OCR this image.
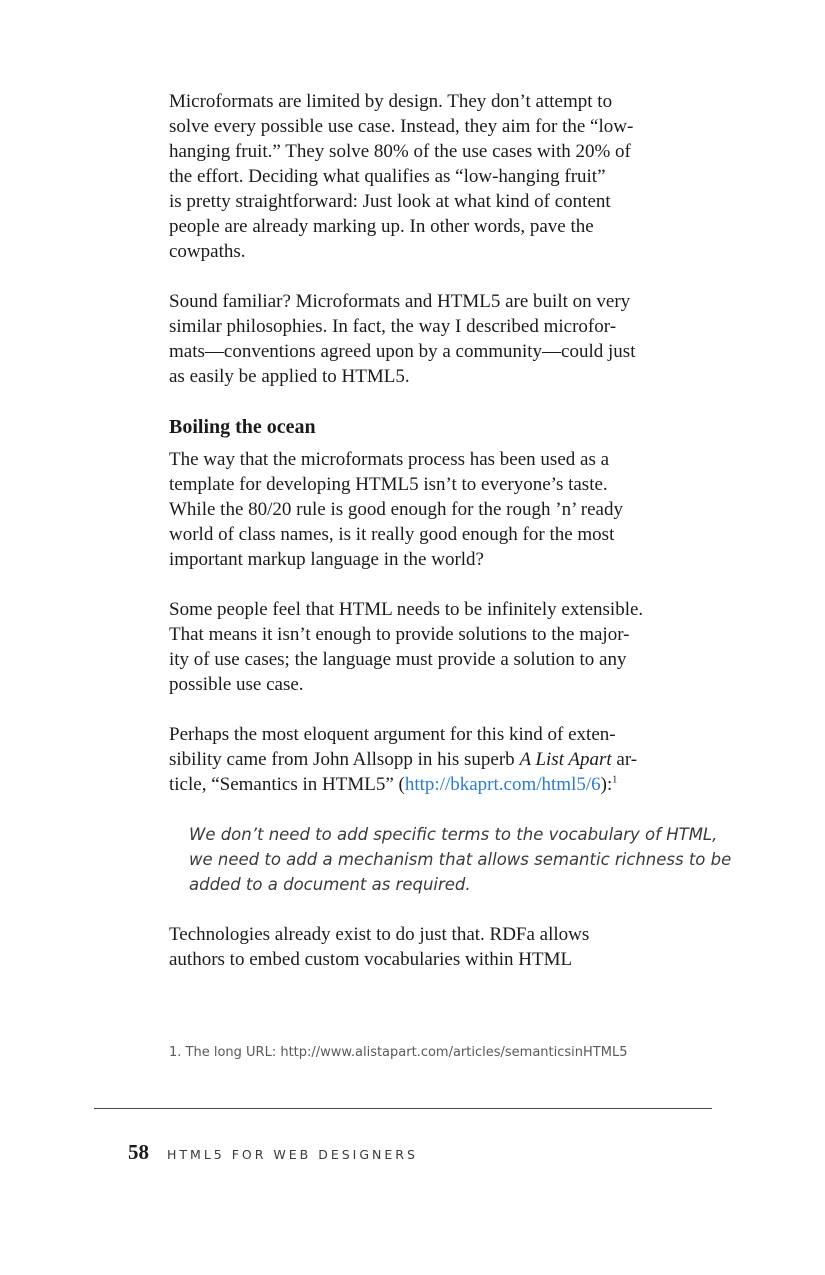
Microformats are limited by design. They don’t attempt to
solve every possible use case. Instead, they aim for the “low-
hanging fruit.” They solve 80% of the use cases with 20% of
the effort. Deciding what qualifies as “low-hanging fruit”
is pretty straightforward: Just look at what kind of content
people are already marking up. In other words, pave the
cowpaths.

Sound familiar? Microformats and HTML5 are built on very
similar philosophies. In fact, the way I described microfor-
mats—conventions agreed upon by a community—could just
as easily be applied to HTML5.

Boiling the ocean

The way that the microformats process has been used as a
template for developing HTML5 isn’t to everyone’s taste.
While the 80/20 rule is good enough for the rough ’n’ ready
world of class names, is it really good enough for the most
important markup language in the world?

Some people feel that HTML needs to be infinitely extensible.
That means it isn’t enough to provide solutions to the major-
ity of use cases; the language must provide a solution to any
possible use case.

Perhaps the most eloquent argument for this kind of exten-
sibility came from John Allsopp in his superb A List Apart ar-
ticle, “Semantics in HTML5” (http://bkaprt.com/html5/6):$^1$

We don’t need to add specific terms to the vocabulary of HTML,
we need to add a mechanism that allows semantic richness to be
added to a document as required.

Technologies already exist to do just that. RDFa allows
authors to embed custom vocabularies within HTML

1. The long URL: http://www.alistapart.com/articles/semanticsinHTML5
58 HTML5 FOR WEB DESIGNERS
